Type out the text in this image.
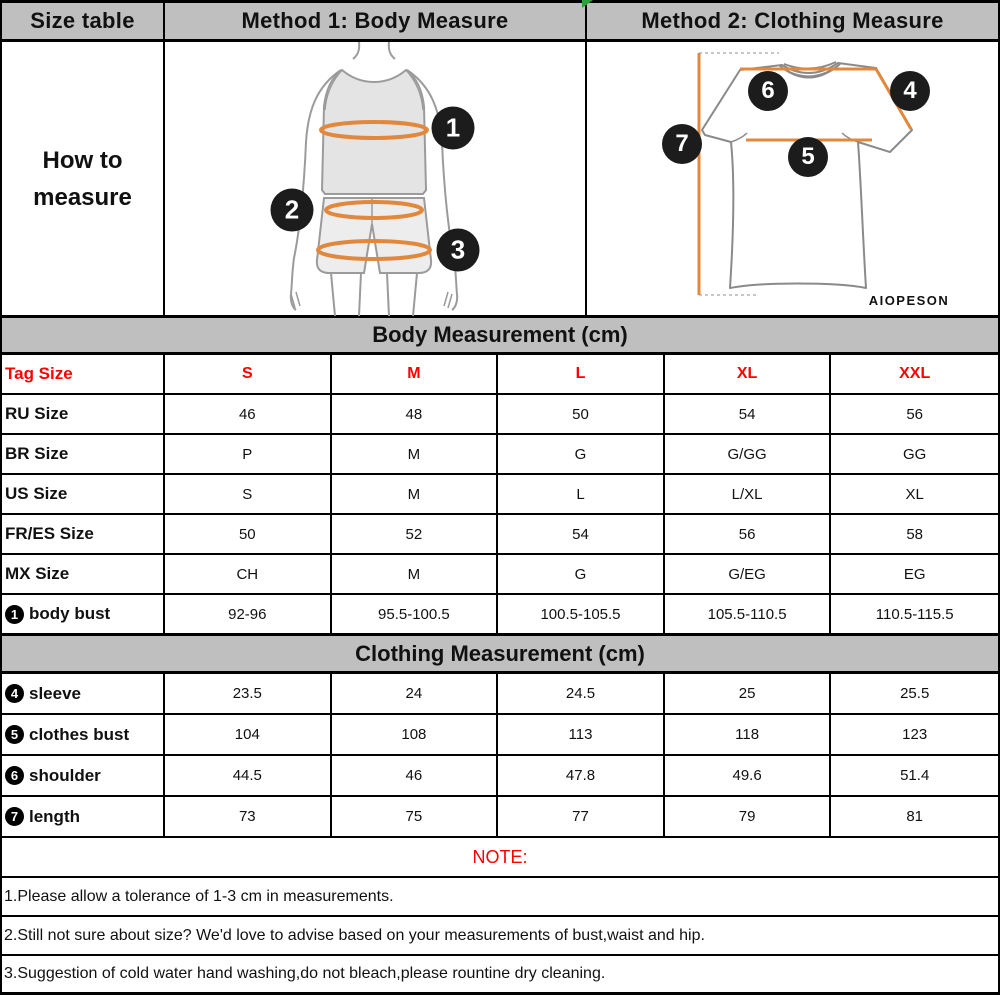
Size table	Method 1: Body Measure	Method 2: Clothing Measure
How to
measure
1
2
3
AIOPESON
6	4
7	5
Body Measurement (cm)
Tag Size	S	M	L	XL	XXL
RU Size	46	48	50	54	56
BR Size	P	M	G	G/GG	GG
US Size	S	M	L	L/XL	XL
FR/ES Size	50	52	54	56	58
MX Size	CH	M	G	G/EG	EG
1 body bust	92-96	95.5-100.5	100.5-105.5	105.5-110.5	110.5-115.5
Clothing Measurement (cm)
4 sleeve	23.5	24	24.5	25	25.5
5 clothes bust	104	108	113	118	123
6 shoulder	44.5	46	47.8	49.6	51.4
7 length	73	75	77	79	81
NOTE:
1.Please allow a tolerance of 1-3 cm in measurements.
2.Still not sure about size? We'd love to advise based on your measurements of bust,waist and hip.
3.Suggestion of cold water hand washing,do not bleach,please rountine dry cleaning.
